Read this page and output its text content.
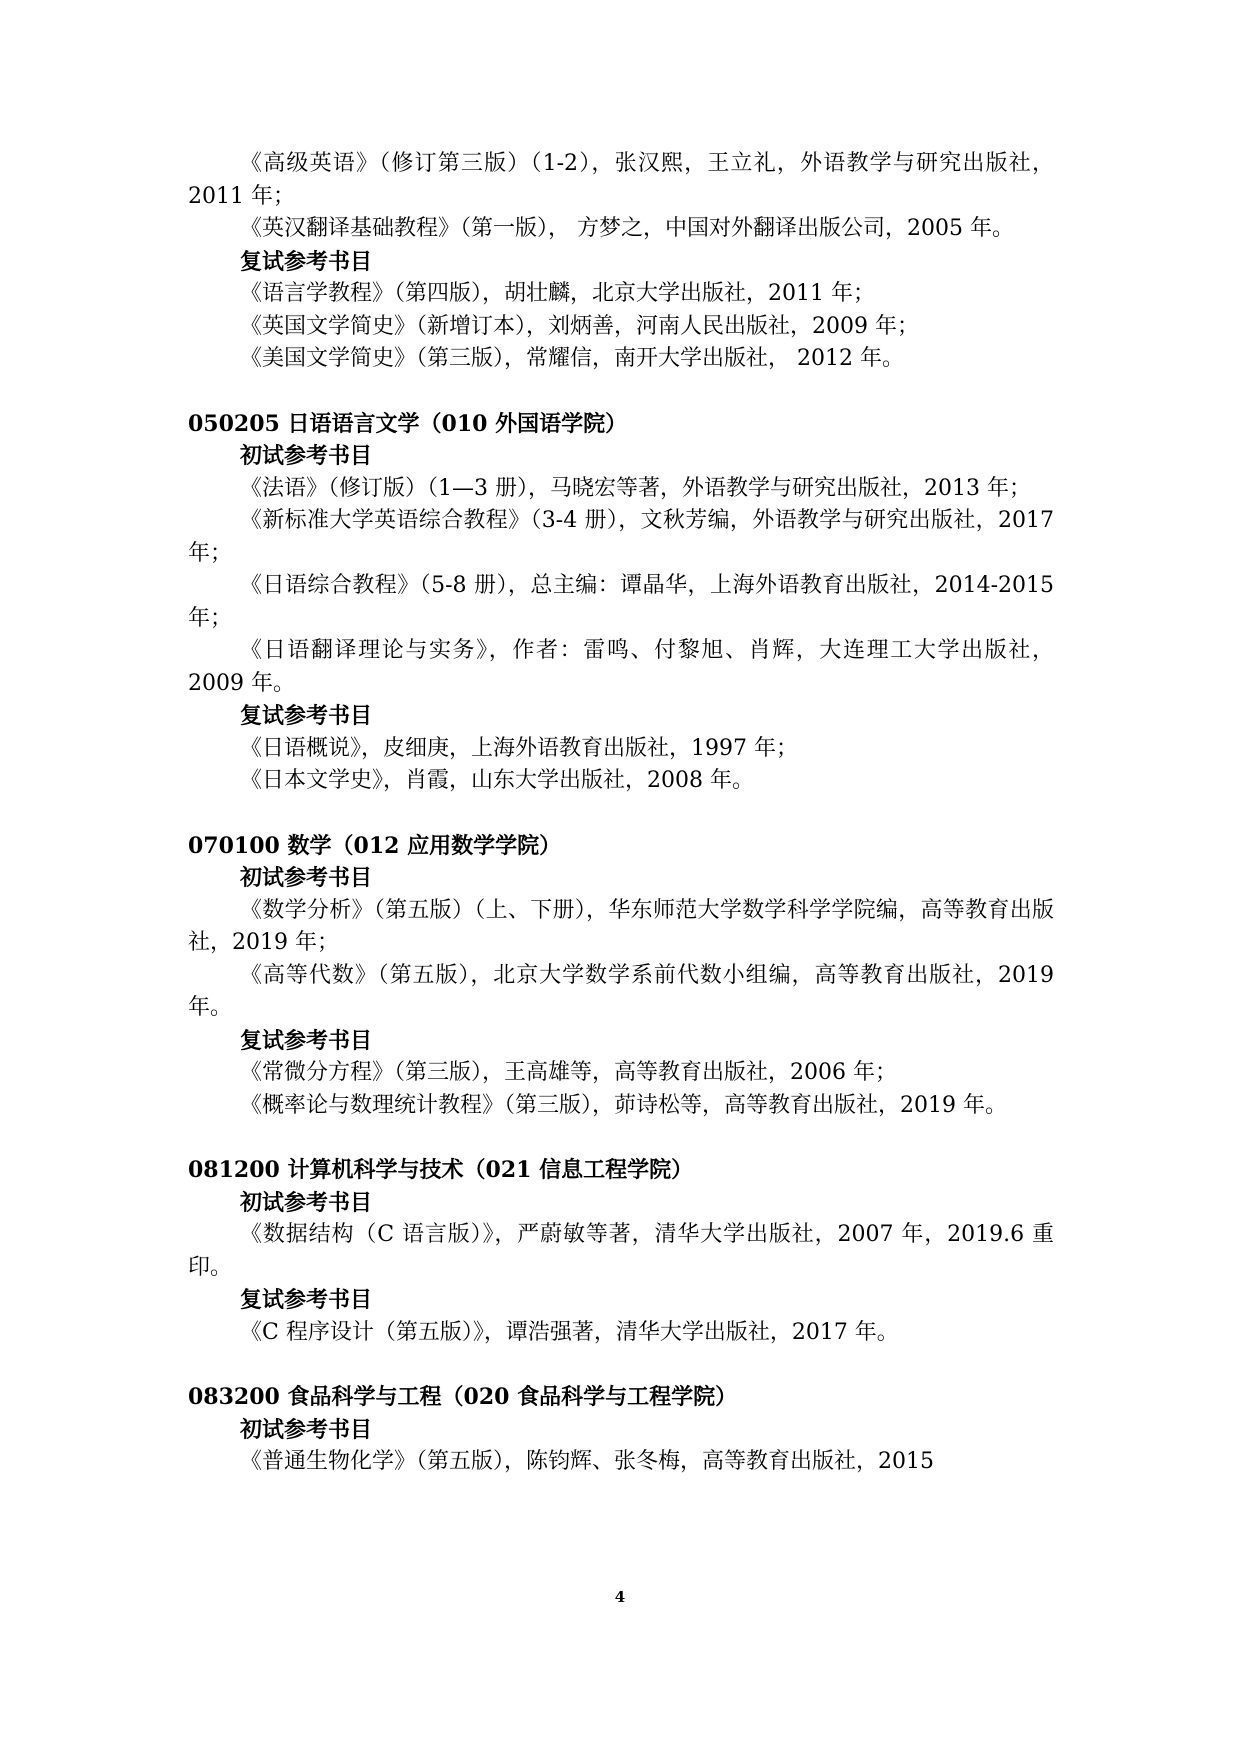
《高级英语》（修订第三版）（1-2），张汉熙，王立礼，外语教学与研究出版社，2011 年；
《英汉翻译基础教程》（第一版）， 方梦之，中国对外翻译出版公司，2005 年。
复试参考书目
《语言学教程》（第四版），胡壮麟，北京大学出版社，2011 年；
《英国文学简史》（新增订本），刘炳善，河南人民出版社，2009 年；
《美国文学简史》（第三版），常耀信，南开大学出版社， 2012 年。
050205 日语语言文学（010 外国语学院）
初试参考书目
《法语》（修订版）（1—3 册），马晓宏等著，外语教学与研究出版社，2013 年；
《新标准大学英语综合教程》（3-4 册），文秋芳编，外语教学与研究出版社，2017 年；
《日语综合教程》（5-8 册），总主编：谭晶华，上海外语教育出版社，2014-2015 年；
《日语翻译理论与实务》，作者：雷鸣、付黎旭、肖辉，大连理工大学出版社，2009 年。
复试参考书目
《日语概说》，皮细庚，上海外语教育出版社，1997 年；
《日本文学史》，肖霞，山东大学出版社，2008 年。
070100 数学（012 应用数学学院）
初试参考书目
《数学分析》（第五版）（上、下册），华东师范大学数学科学学院编，高等教育出版社，2019 年；
《高等代数》（第五版），北京大学数学系前代数小组编，高等教育出版社，2019 年。
复试参考书目
《常微分方程》（第三版），王高雄等，高等教育出版社，2006 年；
《概率论与数理统计教程》（第三版），茆诗松等，高等教育出版社，2019 年。
081200 计算机科学与技术（021 信息工程学院）
初试参考书目
《数据结构（C 语言版）》，严蔚敏等著，清华大学出版社，2007 年，2019.6 重印。
复试参考书目
《C 程序设计（第五版）》，谭浩强著，清华大学出版社，2017 年。
083200 食品科学与工程（020 食品科学与工程学院）
初试参考书目
《普通生物化学》（第五版），陈钧辉、张冬梅，高等教育出版社，2015
4
